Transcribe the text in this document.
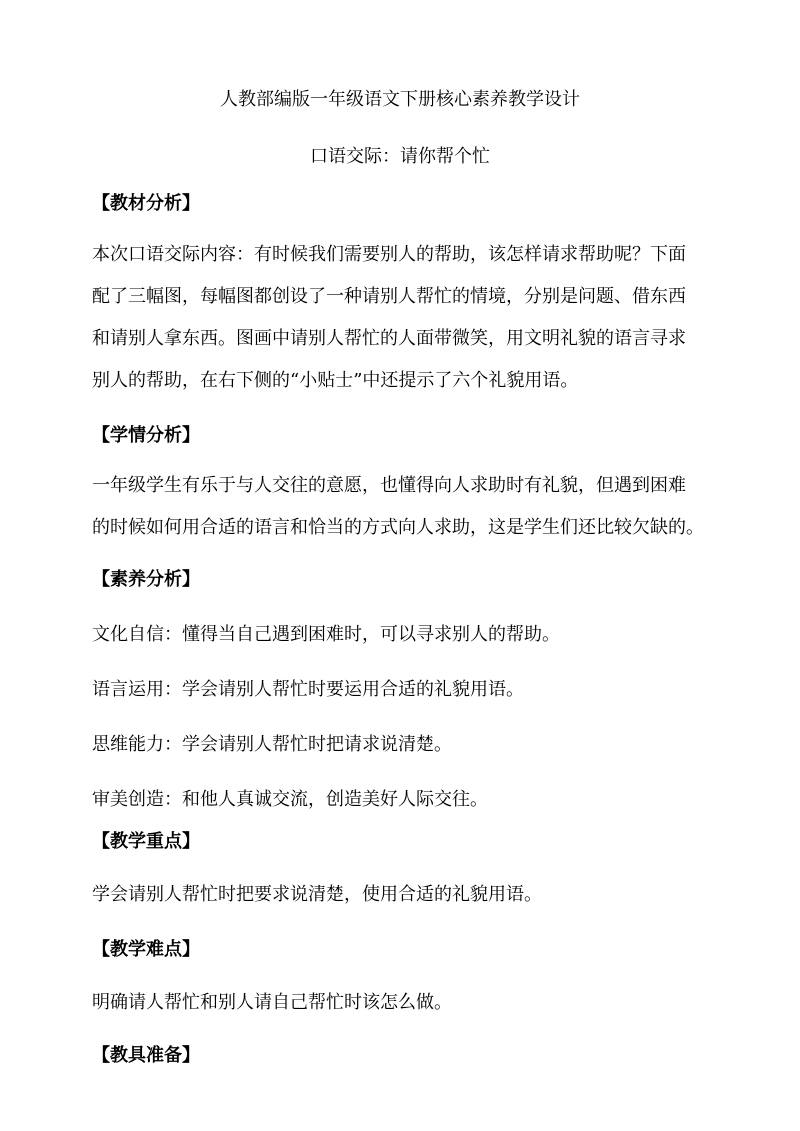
人教部编版一年级语文下册核心素养教学设计
口语交际：请你帮个忙
【教材分析】

本次口语交际内容：有时候我们需要别人的帮助，该怎样请求帮助呢？下面
配了三幅图，每幅图都创设了一种请别人帮忙的情境，分别是问题、借东西
和请别人拿东西。图画中请别人帮忙的人面带微笑，用文明礼貌的语言寻求
别人的帮助，在右下侧的“小贴士”中还提示了六个礼貌用语。

【学情分析】

一年级学生有乐于与人交往的意愿，也懂得向人求助时有礼貌，但遇到困难
的时候如何用合适的语言和恰当的方式向人求助，这是学生们还比较欠缺的。

【素养分析】

文化自信：懂得当自己遇到困难时，可以寻求别人的帮助。

语言运用：学会请别人帮忙时要运用合适的礼貌用语。

思维能力：学会请别人帮忙时把请求说清楚。

审美创造：和他人真诚交流，创造美好人际交往。

【教学重点】

学会请别人帮忙时把要求说清楚，使用合适的礼貌用语。

【教学难点】

明确请人帮忙和别人请自己帮忙时该怎么做。

【教具准备】
